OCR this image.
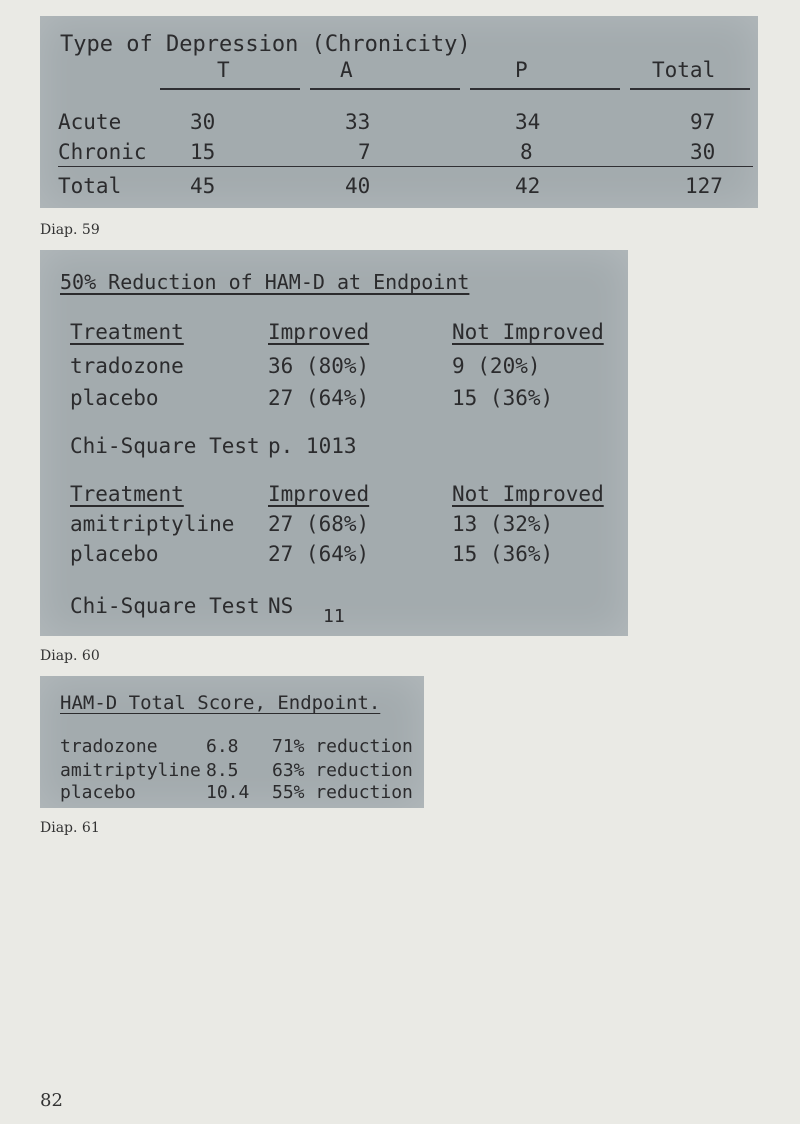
Type of Depression (Chronicity)
T	A	P	Total
Acute	30	33	34	97
Chronic 15	7	8	30
Total	45	40	42	127
Diap. 59
50% Reduction of HAM-D at Endpoint
Treatment	Improved	Not Improved
tradozone	36 (80%)	9 (20%)
placebo	27 (64%)	15 (36%)
Chi-Square Test p. 1013
Treatment	Improved	Not Improved
amitriptyline 27 (68%)	13 (32%)
placebo	27 (64%)	15 (36%)
Chi-Square Test NS 11
Diap. 60
HAM-D Total Score, Endpoint.
tradozone	6.8 71% reduction
amitriptyline 8.5 63% reduction
placebo	10.4 55% reduction
Diap. 61
82
